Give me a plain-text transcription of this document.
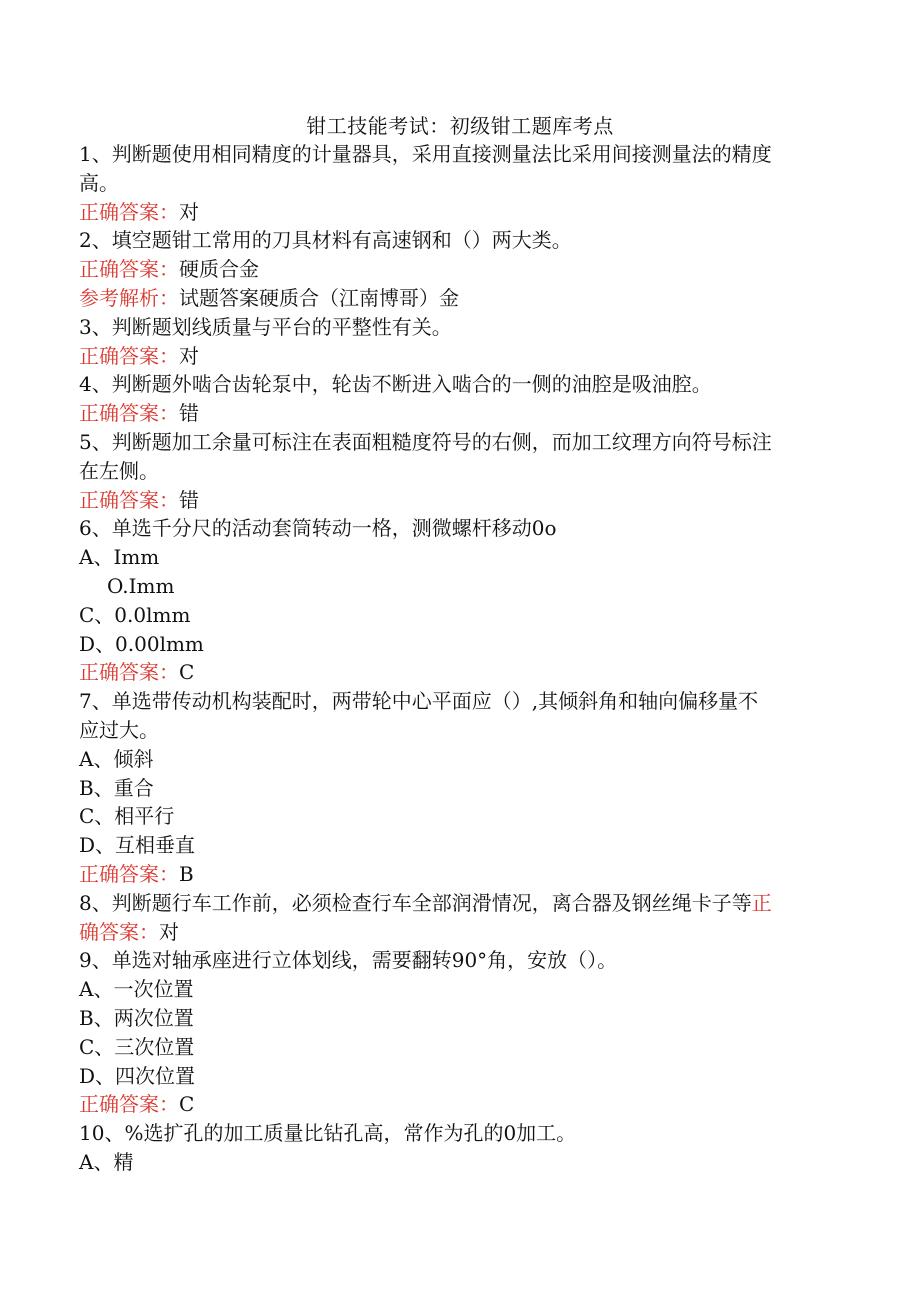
钳工技能考试：初级钳工题库考点
1、判断题使用相同精度的计量器具，采用直接测量法比采用间接测量法的精度
高。
正确答案：对
2、填空题钳工常用的刀具材料有高速钢和（）两大类。
正确答案：硬质合金
参考解析：试题答案硬质合（江南博哥）金
3、判断题划线质量与平台的平整性有关。
正确答案：对
4、判断题外啮合齿轮泵中，轮齿不断进入啮合的一侧的油腔是吸油腔。
正确答案：错
5、判断题加工余量可标注在表面粗糙度符号的右侧，而加工纹理方向符号标注
在左侧。
正确答案：错
6、单选千分尺的活动套筒转动一格，测微螺杆移动0o
A、Imm
O.Imm
C、0.0lmm
D、0.00lmm
正确答案：C
7、单选带传动机构装配时，两带轮中心平面应（）,其倾斜角和轴向偏移量不
应过大。
A、倾斜
B、重合
C、相平行
D、互相垂直
正确答案：B
8、判断题行车工作前，必须检查行车全部润滑情况，离合器及钢丝绳卡子等正
确答案：对
9、单选对轴承座进行立体划线，需要翻转90°角，安放（）。
A、一次位置
B、两次位置
C、三次位置
D、四次位置
正确答案：C
10、%选扩孔的加工质量比钻孔高，常作为孔的0加工。
A、精
